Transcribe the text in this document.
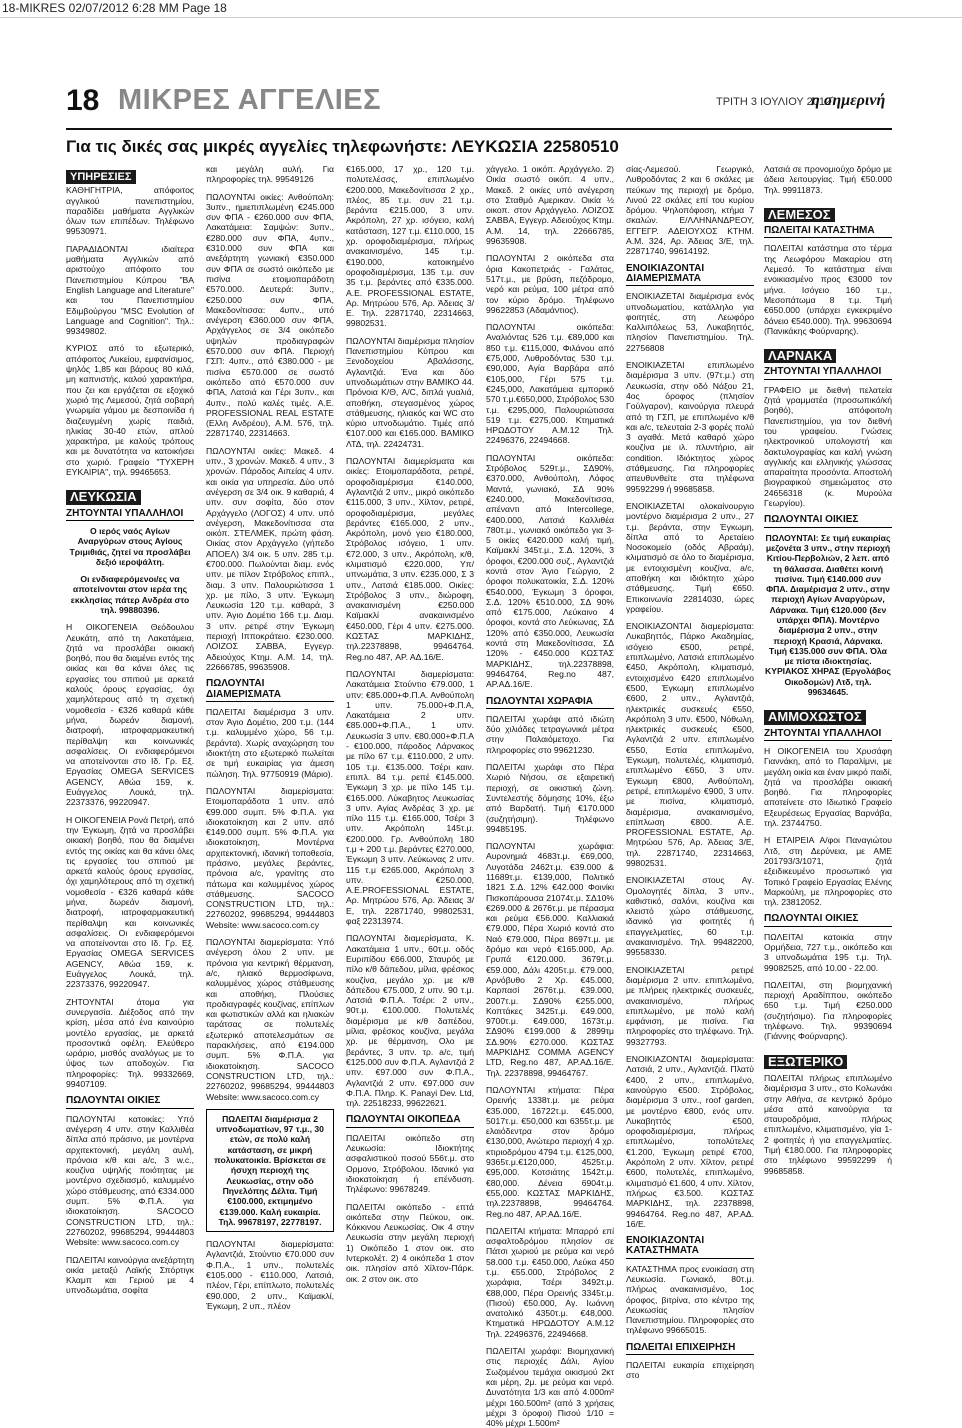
18-MIKRES 02/07/2012 6:28 MM Page 18
18 ΜΙΚΡΕΣ ΑΓΓΕΛΙΕΣ	ΤΡΙΤΗ 3 ΙΟΥΛΙΟΥ 2012
η σημερινή
Για τις δικές σας μικρές αγγελίες τηλεφωνήστε: ΛΕΥΚΩΣΙΑ 22580510
ΥΠΗΡΕΣΙΕΣ

ΚΑΘΗΓΗΤΡΙΑ, απόφοιτος αγγλικού πανεπιστημίου, παραδίδει μαθήματα Αγγλικών όλων των επιπέδων. Τηλέφωνο 99530971.

ΠΑΡΑΔΙΔΟΝΤΑΙ ιδιαίτερα μαθήματα Αγγλικών από αριστούχο απόφοιτο του Πανεπιστημίου Κύπρου "BA English Language and Literature" και του Πανεπιστημίου Εδιμβούργου "MSC Evolution of Language and Cognition". Τηλ.: 99349802.

ΚΥΡΙΟΣ από το εξωτερικό, απόφοιτος Λυκείου, εμφανίσιμος, ψηλός 1,85 και βάρους 80 κιλά, μη καπνιστής, καλού χαρακτήρα, που ζει και εργάζεται σε εξοχικό χωριό της Λεμεσού, ζητά σοβαρή γνωριμία γάμου με δεσποινίδα ή διαζευγμένη χωρίς παιδιά, ηλικίας 30-40 ετών, απλού χαρακτήρα, με καλούς τρόπους και με δυνατότητα να κατοικήσει στο χωριό. Γραφείο "ΤΥΧΕΡΗ ΕΥΚΑΙΡΙΑ", τηλ. 99465653.

ΛΕΥΚΩΣΙΑ
ΖΗΤΟΥΝΤΑΙ ΥΠΑΛΛΗΛΟΙ

Ο ιερός ναός Αγίων Αναργύρων στους Αγίους Τριμιθιάς, ζητεί να προσλάβει δεξιό ιεροψάλτη.

Οι ενδιαφερόμενοι/ες να αποτείνονται στον ιερέα της εκκλησίας πάτερ Ανδρέα στο τηλ. 99880396.

Η ΟΙΚΟΓΕΝΕΙΑ Θεόδουλου Λευκάτη, από τη Λακατάμεια, ζητά να προσλάβει οικιακή βοηθό, που θα διαμένει εντός της οικίας και θα κάνει όλες τις εργασίες του σπιτιού με αρκετά καλούς όρους εργασίας, όχι χαμηλότερους από τη σχετική νομοθεσία - €326 καθαρά κάθε μήνα, δωρεάν διαμονή, διατροφή, ιατροφαρμακευτική περίθαλψη και κοινωνικές ασφαλίσεις. Οι ενδιαφερόμενοι να αποτείνονται στο Ιδ. Γρ. Εξ. Εργασίας OMEGA SERVICES AGENCY, Αθώα 159, κ. Ευάγγελος Λουκά, τηλ. 22373376, 99220947.

Η ΟΙΚΟΓΕΝΕΙΑ Ρονά Πετρή, από την Έγκωμη, ζητά να προσλάβει οικιακή βοηθό, που θα διαμένει εντός της οικίας και θα κάνει όλες τις εργασίες του σπιτιού με αρκετά καλούς όρους εργασίας, όχι χαμηλότερους από τη σχετική νομοθεσία - €326 καθαρά κάθε μήνα, δωρεάν διαμονή, διατροφή, ιατροφαρμακευτική περίθαλψη και κοινωνικές ασφαλίσεις. Οι ενδιαφερόμενοι να αποτείνονται στο Ιδ. Γρ. Εξ. Εργασίας OMEGA SERVICES AGENCY, Αθώα 159, κ. Ευάγγελος Λουκά, τηλ. 22373376, 99220947.

ΖΗΤΟΥΝΤΑΙ άτομα για συνεργασία. Διέξοδος από την κρίση, μέσα από ένα καινούριο μοντέλο εργασίας, με αρκετά προσοντικά οφέλη. Ελεύθερο ωράριο, μισθός αναλόγως με το ύψος των αποδοχών. Για πληροφορίες: Τηλ. 99332669, 99407109.

ΠΩΛΟΥΝΤΑΙ ΟΙΚΙΕΣ

ΠΩΛΟΥΝΤΑΙ κατοικίες: Υπό ανέγερση 4 υπν. στην Καλλιθέα δίπλα από πράσινο, με μοντέρνα αρχιτεκτονική, μεγάλη αυλή, πρόνοια κ/θ και a/c, 3 w.c., κουζίνα υψηλής ποιότητας με μοντέρνο σχεδιασμό, καλυμμένο χώρο στάθμευσης, από €334.000 συμπ. 5% Φ.Π.Α. για ιδιοκατοίκηση. SACOCO CONSTRUCTION LTD, τηλ.: 22760202, 99685294, 99444803 Website: www.sacoco.com.cy

ΠΩΛΕΙΤΑΙ καινούργια ανεξάρτητη οικία μεταξύ Λαϊκής Σπόρτιγκ Κλαμπ και Γεριού με 4 υπνοδωμάτια, σοφίτα

και μεγάλη αυλή. Για πληροφορίες τηλ. 99549126

ΠΩΛΟΥΝΤΑΙ οικίες: Ανθούπολη: 3υπν., ημιεπιπλωμένη €245.000 συν ΦΠΑ - €260.000 συν ΦΠΑ, Λακατάμεια: Σαμψών: 3υπν., €280.000 συν ΦΠΑ, 4υπν., €310.000 συν ΦΠΑ και ανεξάρτητη γωνιακή €350.000 συν ΦΠΑ σε σωστό οικόπεδο με πισίνα ετοιμοπαράδοτη €570.000. Δευτερά: 3υπν., €250.000 συν ΦΠΑ, Μακεδονίτισσα: 4υπν., υπό ανέγερση €360.000 συν ΦΠΑ, Αρχάγγελος σε 3/4 οικόπεδο υψηλών προδιαγραφών €570.000 συν ΦΠΑ. Περιοχή ΓΣΠ: 4υπν., από €380.000 - με πισίνα €570.000 σε σωστό οικόπεδο από €570.000 συν ΦΠΑ, Λατσιά και Γέρι 3υπν., και 4υπν., πολύ καλές τιμές. Α.Ε. PROFESSIONAL REAL ESTATE (Ελλη Ανδρέου), Α.Μ. 576, τηλ. 22871740, 22314663.

ΠΩΛΟΥΝΤΑΙ οικίες: Μακεδ. 4 υπν., 3 χρονών. Μακεδ. 4 υπν., 3 χρονών. Πάροδος Αιπείας 4 υπν. και οικία για υπηρεσία. Δύο υπό ανέγερση σε 3/4 οικ. 9 καθαριά, 4 υπν. συν σοφίτα, δύο στον Αρχάγγελο (ΛΟΓΟΣ) 4 υπν. υπό ανέγερση, Μακεδονίτισσα στα οικόπ. ΣΤΕΛΜΕΚ, πρώτη φάση. Οικίας στον Αρχάγγελο (γήπεδο ΑΠΟΕΛ) 3/4 οικ. 5 υπν. 285 τ.μ. €700.000. Πωλούνται διαμ. ενός υπν. με πίλον Στρόβολος επιπλ., διαμ. 3 υπν. Παλουριώτισσα 1 χρ. με πίλο, 3 υπν. Έγκωμη Λευκωσία 120 τ.μ. καθαρά, 3 υπν. Άγιο Δομέτιο 166 τ.μ. Διαμ. 3 υπν. ρετιρέ στην Έγκωμη περιοχή Ιπποκράτειο. €230.000. ΛΟΙΖΟΣ ΣΑΒΒΑ, Εγγεγρ. Αδειούχος Κτημ. Α.Μ. 14, τηλ. 22666785, 99635908.

ΠΩΛΟΥΝΤΑΙ ΔΙΑΜΕΡΙΣΜΑΤΑ

ΠΩΛΕΙΤΑΙ διαμέρισμα 3 υπν. στον Άγιο Δομέτιο, 200 τ.μ. (144 τ.μ. καλυμμένο χώρο, 56 τ.μ. βεράντα). Χωρίς αναχώρηση του ιδιοκτήτη στο εξωτερικό πωλείται σε τιμή ευκαιρίας για άμεση πώληση. Τηλ. 97750919 (Μάριο).

ΠΩΛΟΥΝΤΑΙ διαμερίσματα: Ετοιμοπαράδοτα 1 υπν. από €99.000 συμπ. 5% Φ.Π.Α. για ιδιοκατοίκηση και 2 υπν. από €149.000 συμπ. 5% Φ.Π.Α. για ιδιοκατοίκηση, Μοντέρνα αρχιτεκτονική, ιδανική τοποθεσία, πράσινο, μεγάλες βεράντες, πρόνοια a/c, γρανίτης στο πάτωμα και καλυμμένος χώρος στάθμευσης. SACOCO CONSTRUCTION LTD, τηλ.: 22760202, 99685294, 99444803 Website: www.sacoco.com.cy

ΠΩΛΟΥΝΤΑΙ διαμερίσματα: Υπό ανέγερση όλου 2 υπν. με πρόνοια για κεντρική θέρμανση, a/c, ηλιακό θερμοσίφωνα, καλυμμένος χώρος στάθμευσης και αποθήκη, Πλούσιες προδιαγραφές κουζίνας, επίπλων και φωτιστικών αλλά και ηλιακών ταράτσας σε πολυτελές εξωτερικό αποτελεσμάτων σε παρακλήσεις, από €194.000 συμπ. 5% Φ.Π.Α. για ιδιοκατοίκηση. SACOCO CONSTRUCTION LTD, τηλ.: 22760202, 99685294, 99444803 Website: www.sacoco.com.cy

ΠΩΛΕΙΤΑΙ διαμέρισμα 2 υπνοδωματίων, 97 τ.μ., 30 ετών, σε πολύ καλή κατάσταση, σε μικρή πολυκατοικία. Βρίσκεται σε ήσυχη περιοχή της Λευκωσίας, στην οδό Πηνελόπης Δέλτα. Τιμή €100.000, εκτιμημένο €139.000. Καλή ευκαιρία. Τηλ. 99678197, 22778197.

ΠΩΛΟΥΝΤΑΙ διαμερίσματα: Αγλαντζιά, Στούντιο €70.000 συν Φ.Π.Α., 1 υπν., πολυτελές €105.000 - €110.000, Λατσιά, πλέον, Γέρι, επίπλωτο, πολυτελές €90.000, 2 υπν., Καϊμακλί, Έγκωμη, 2 υπ., πλέον

€165.000, 17 χρ., 120 τ.μ. πολυτελέσσς, επιπλωμένο €200.000, Μακεδονίτισσα 2 χρ., πλέος, 85 τ.μ. συν 21 τ.μ. βεράντα €215.000, 3 υπν. Ακρόπολη, 27 χρ. ισόγειο, καλή κατάσταση, 127 τ.μ. €110.000, 15 χρ. ορoφοδιαμέρισμα, πλήρως ανακαινισμένο, 145 τ.μ. €190.000, κατοικημένο ορoφοδιαμέρισμα, 135 τ.μ. συν 35 τ.μ. βεράντες από €335.000. Α.Ε. PROFESSIONAL ESTATE, Αρ. Μητρώου 576, Αρ. Άδειας 3/Ε. Τηλ. 22871740, 22314663, 99802531.

ΠΩΛΟΥΝΤΑΙ διαμέρισμα πλησίον Πανεπιστημίου Κύπρου και Ξενοδοχείου Αβαλάσσης, Αγλαντζιά. Ένα και δύο υπνοδωμάτιων στην ΒΑΜΙΚΟ 44. Πρόνοια Κ/Θ, A/C, διπλά γυαλιά, αποθήκη, στεγασμένος χώρος στάθμευσης, ηλιακός και WC στο κύριο υπνοδωμάτιο. Τιμές από €107.000 και €165.000. ΒΑΜΙΚΟ ΛΤΔ, τηλ. 22424731.

ΠΩΛΟΥΝΤΑΙ διαμερίσματα και οικίες: Ετοιμοπαράδοτα, ρετιρέ, ορoφοδιαμέρισμα €140.000, Αγλαντζιά 2 υπν., μικρό οικόπεδο €115.000, 3 υπν., Χίλτον, ρετιρέ, ορoφοδιαμέρισμα, μεγάλες βεράντες €165.000, 2 υπν., Ακρόπολη, μονό γειο €180.000, Στρόβολος ισόγειο, 1 υπν. €72.000, 3 υπν., Ακρόπολη, κ/θ, κλιματισμό €220.000, Υπ/υπνωμάτια, 3 υπν. €235.000, Σ 3 υπν., Λατσιά €185.000. Οικίες: Στρόβολος 3 υπν., διώροφη, ανακαινισμένη €250.000 Καϊμακλί ανακαινισμένο €450.000, Γέρι 4 υπν. €275.000. ΚΩΣΤΑΣ ΜΑΡΚΙΔΗΣ, τηλ.22378898, 99464764. Reg.no 487, ΑΡ. ΑΔ.16/Ε.

ΠΩΛΟΥΝΤΑΙ διαμερίσματα: Λακατάμεια Στούντιο €79.000, 1 υπν: €85.000+Φ.Π.Α. Ανθούπολη 1 υπν. 75.000+Φ.Π.Α, Λακατάμεια 2 υπν. €85.000+Φ.Π.Α., 1 υπν. Λευκωσία 3 υπν. €80.000+Φ.Π.Α - €100.000, πάροδος Λάρνακος με πίλο 67 τ.μ. €110.000, 2 υπν. 105 τ.μ. €135.000. Τσέρι καιν. επιπλ. 84 τ.μ. ρεπέ €145.000. Έγκωμη 3 χρ. με πίλο 145 τ.μ. €165.000. Λύκαβητος Λευκωσίας 3 υπν. Αγίας Ανδρέας 3 χρ. με πίλο 115 τ.μ. €165.000, Τσέρι 3 υπν. Ακρόπολη 145τ.μ. €200.000. Γρ. Ανθούπολη 180 τ.μ + 200 τ.μ. βεράντες €270.000, Έγκωμη 3 υπν. Λεύκωνας 2 υπν. 115 τ.μ €265.000, Ακρόπολη 3 υπν. €250.000, Α.Ε.PROFESSIONAL ESTATE, Αρ. Μητρώου 576, Αρ. Άδειας 3/Ε, τηλ. 22871740, 99802531, φαξ 22313974.

ΠΩΛΟΥΝΤΑΙ διαμερίσματα, Κ. Λακατάμεια 1 υπν., 60τ.μ. οδός Ευριπίδου €66.000, Σταυρός με πίλο κ/θ δάπεδου, μίλια, φρέσκος κουζίνα, μεγάλο χρ. με κ/θ δάπεδου €75.000, 2 υπν. 90 τ.μ. Λατσιά Φ.Π.Α. Τσέρι: 2 υπν., 90τ.μ. €100.000. Πολυτελές διαμέρισμα με κ/θ δαπέδου, μίλια, φρέσκος κουζίνα, μεγάλα χρ. με θέρμανση, Ολο με βεράντες, 3 υπν. τρ. a/c, τιμή €125.000 συν Φ.Π.Α. Αγλαντζιά 2 υπν. €97.000 συν Φ.Π.Α., Αγλαντζιά 2 υπν. €97.000 συν Φ.Π.Α. Πληρ. Κ. Panayi Dev. Ltd, τηλ. 22518233, 99622621.

ΠΩΛΟΥΝΤΑΙ ΟΙΚΟΠΕΔΑ

ΠΩΛΕΙΤΑΙ οικόπεδο στη Λευκωσία: Ιδιοκτήτης ασφαλιστικού ποσού 556τ.μ. στο Ορμονο, Στρόβολου. Ιδανικό για ιδιοκατοίκηση ή επένδυση. Τηλέφωνο: 99678249.

ΠΩΛΕΙΤΑΙ οικόπεδο - επτά οικόπεδα στην Πεύκου, οικ. Κόκκινου Λευκωσίας. Οικ 4 στην Λευκωσία στην μεγάλη περιοχή 1) Οικόπεδο 1 στον οικ. στο Ιντερκολέτ. 2) 4 οικόπεδα 1 στον οικ. πλησίον από Χίλτον-Πάρκ. οικ. 2 στον οικ. στο

χάγγελο. 1 οικόπ. Αρχάγγελο. 2) Οικία σωστό οικόπ. 4 υπν., Μακεδ. 2 οικίες υπό ανέγερση στο Σταθμό Αμερικαν. Οικία ½ οικοπ. στον Αρχάγγελο. ΛΟΙΖΟΣ ΣΑΒΒΑ, Εγγεγρ. Αδειούχος Κτημ. Α.Μ. 14, τηλ. 22666785, 99635908.

ΠΩΛΟΥΝΤΑΙ 2 οικόπεδα στα όρια Κακοπετριάς - Γαλάτας, 517τ.μ., με βρύση, πεζόδρομο, νερό και ρεύμα, 100 μέτρα από τον κύριο δρόμο. Τηλέφωνο 99622853 (Αδαμάντιος).

ΠΩΛΟΥΝΤΑΙ οικόπεδα: Αναλιόντας 526 τ.μ. €89,000 και 850 τ.μ. €115,000, Φιλάνου από €75,000, Λυθροδόντας 530 τ.μ. €90,000, Αγία Βαρβάρα από €105,000, Γέρι 575 τ.μ. €245,000, Λακατάμεια εμπορικό 570 τ.μ.€650,000, Στρόβολος 530 τ.μ. €295,000, Παλουριώτισσα 519 τ.μ. €275,000. Κτηματικά ΗΡΩΔΟΤΟΥ Α.Μ.12 Τηλ. 22496376, 22494668.

ΠΩΛΟΥΝΤΑΙ οικόπεδα: Στρόβολος 529τ.μ., ΣΔ90%, €370.000, Ανθούπολη, Λόφος Μαντά, γωνιακό, ΣΔ 90% €240.000, Μακεδονίτισσα, απέναντι από Intercollege, €400.000, Λατσιά Καλλιθέα 780τ.μ., γωνιακό οικόπεδο για 3-5 οικίες €420.000 καλή τιμή, Καϊμακλί 345τ.μ., Σ.Δ. 120%, 3 όροφοι, €200.000 συζ., Αγλαντζιά κοντά στον Άγιο Γεώργιο, 2 όροφοι πολυκατοικία, Σ.Δ. 120% €540.000, Έγκωμη 3 όροφοι, Σ.Δ. 120% €510.000, ΣΔ 90% από €175.000, Λεύκαινο 4 όροφοι, κοντά στο Λεύκωνας, ΣΔ 120% από €350.000, Λευκωσία κοντά στη Μακεδονίτισσα, ΣΔ 120% - €450.000 ΚΩΣΤΑΣ ΜΑΡΚΙΔΗΣ, τηλ.22378898, 99464764, Reg.no 487, ΑΡ.ΑΔ.16/Ε.

ΠΩΛΟΥΝΤΑΙ ΧΩΡΑΦΙΑ

ΠΩΛΕΙΤΑΙ χωράφι από ιδιώτη δύο χιλιάδες τετραγωνικά μέτρα στην Παλαιόμετοχο. Για πληροφορίες στο 99621230.

ΠΩΛΕΙΤΑΙ χωράφι στο Πέρα Χωριό Νήσου, σε εξαιρετική περιοχή, σε οικιστική ζώνη. Συντελεστής δόμησης 10%, έξω από Βαρδατή. Τιμή €170.000 (συζητήσιμη). Τηλέφωνο 99485195.

ΠΩΛΟΥΝΤΑΙ χωράφια: Αυρονημιά 4683τ.μ. €69,000, Λυγοτάδα 2462τ.μ. €39.000 & 11689τ.μ. €139,000, Πολιτικό 1821 Σ.Δ. 12% €42.000 Φοινίκι Πισκοπάρουσα 21074τ.μ. ΣΔ10% €269.000 & 2676τ.μ. με πέρασμα και ρεύμα €56.000. Καλλιακιά €79.000, Πέρα Χωριό κοντά στο Ναό €79.000, Πέρα 8697τ.μ. με δρόμο και νερό €165.000, Αρ. Γρυπά €120.000. 3679τ.μ.€59.000, Δάλι 4205τ.μ. €79.000, Αρνόβυθο 2 Χρ. €45.000, Καρπασί 2676τ.μ. €39.000, 2007τ.μ. ΣΔ90% €255.000, Κοπτάκες 3425τ.μ. €49.000, 9700τ.μ. €49.000, 1673τ.μ. ΣΔ90% €199.000 & 2899τμ ΣΔ.90% €270.000. ΚΩΣΤΑΣ ΜΑΡΚΙΔΗΣ COMMA AGENCY LTD, Reg.no 487, ΑΡ.ΑΔ.16/Ε. Τηλ. 22378898, 99464767.

ΠΩΛΟΥΝΤΑΙ κτήματα: Πέρα Ορεινής 1338τ.μ. με ρεύμα €35.000, 16722τ.μ. €45.000, 5017τ.μ. €50,000 και 6355τ.μ. με ελαιόδεντρα στον δρόμο €130,000, Ανώτερο περιοχή 4 χρ. κτιριοδρόμου 4794 τ.μ. €125,000, 9365τ.μ.€120,000, 4525τ.μ. €95,000. Κοτσιάτης 1542τ.μ. €80,000. Δένεια 6904τ.μ.€55,000. ΚΩΣΤΑΣ ΜΑΡΚΙΔΗΣ, τηλ.22378898, 99464764. Reg.no 487, ΑΡ.ΑΔ.16/Ε.

ΠΩΛΕΙΤΑΙ κτήματα: Μπαρρό επί ασφαλτοδρόμου πλησίον σε Πάτσι χωριού με ρεύμα και νερό 58.000 τ.μ. €450.000, Λεύκα 450 τ.μ. €55.000, Στρόβολος 2 χωράφια, Τσέρι 3492τ.μ. €88,000, Πέρα Ορεινής 3345τ.μ. (Πισού) €50.000, Αγ. Ιωάννη ανατολικό 4350τ.μ. €48,000. Κτηματικά ΗΡΩΔΟΤΟΥ Α.Μ.12 Τηλ. 22496376, 22494668.

ΠΩΛΕΙΤΑΙ χωράφι: Βιομηχανική στις περιοχές Δάλι, Αγίου Σωζομένου τεμάχια οικισμού 2κτ και μέρη, 2μ. με ρεύμα και νερό. Δυνατότητα 1/3 και από 4.000m² μέχρι 160.500m² (από 3 χρήσεις μέχρι 3 όροφοι) Πισού 1/10 = 40% μέχρι 1.500m²

σίας-Λεμεσού. Γεωργικό, Λυθροδόντας 2 και 6 σκάλες με πεύκων της περιοχή με δρόμο, Λινού 22 σκάλες επί του κυρίου δρόμου. Ψηλοπόφοση, κτήμα 7 σκαλών. Ε/ΛΛΗΝΑΝΔΡΕΟΥ, ΕΓΓΕΓΡ. ΑΔΕΙΟΥΧΟΣ ΚΤΗΜ. Α.Μ. 324, Αρ. Άδειας 3/Ε, τηλ. 22871740, 99614192.

ΕΝΟΙΚΙΑΖΟΝΤΑΙ ΔΙΑΜΕΡΙΣΜΑΤΑ

ΕΝΟΙΚΙΑΖΕΤΑΙ διαμέρισμα ενός υπνοδωματίου, κατάλληλο για φοιτητές, στη Λεωφόρο Καλλιπόλεως 53, Λυκαβηττός, πλησίον Πανεπιστημίου. Τηλ. 22756808

ΕΝΟΙΚΙΑΖΕΤΑΙ επιπλωμένο διαμέρισμα 3 υπν. (97τ.μ.) στη Λευκωσία, στην οδό Νάξου 21, 4ος όροφος (πλησίον Γούλγαρον), καινούργια πλευρά από τη ΓΣΠ, με επιπλωμένο κ/θ και a/c, τελευταία 2-3 φορές πολύ 3 αγαθά. Μετά καθαρό χώρο κουζίνα με ιλ. πλυντήριο, air condition. Ιδιόκτητος χώρος στάθμευσης. Για πληροφορίες απευθυνθείτε στα τηλέφωνα 99592299 ή 99685858.

ΕΝΟΙΚΙΑΖΕΤΑΙ ολοκαίνουργιο μοντέρνο διαμέρισμα 2 υπν., 27 τ.μ. βεράντα, στην Έγκωμη, δίπλα από το Αρεταίειο Νοσοκομείο (οδός Αβραάμ), κλιματισμό σε όλο το διαμέρισμα, με εντοιχισμένη κουζίνα, a/c, αποθήκη και ιδιόκτητο χώρο στάθμευσης. Τιμή €650. Επικοινωνία 22814030, ώρες γραφείου.

ΕΝΟΙΚΙΑΖΟΝΤΑΙ διαμερίσματα: Λυκαβηττός, Πάρκο Ακαδημίας, ισόγειο €500, ρετιρέ, επιπλωμένο, Λατσιά επιπλωμένο €450, Ακρόπολη, κλιματισμό, εντοιχισμένο €420 επιπλωμένο €500, Έγκωμη επιπλωμένο €600, 2 υπν., Αγλαντζιά, ηλεκτρικές συσκευές €550, Ακρόπολη 3 υπν. €500, Νόθωλη, ηλεκτρικές συσκευές €500, Αγλαντζιά 2 υπν. επιπλωμένο €550, Εστία επιπλωμένο, Έγκωμη, πολυτελές, κλιματισμό, επιπλωμένο €650, 3 υπν. Έγκωμη €800, Ανθούπολη, ρετιρέ, επιπλωμένο €900, 3 υπν. με πισίνα, κλιματισμό, διαμέρισμα, ανακαινισμένο, επίπλωση €800. Α.Ε. PROFESSIONAL ESTATE, Αρ. Μητρώου 576, Αρ. Άδειας 3/Ε, τηλ. 22871740, 22314663, 99802531.

ΕΝΟΙΚΙΑΖΕΤΑΙ στους Αγ. Ομολογητές δίπλα, 3 υπν., καθιστικό, σαλόνι, κουζίνα και κλειστό χώρο στάθμευσης, ιδανικό για φοιτητές ή επαγγελματίες, 60 τ.μ. ανακαινισμένο. Τηλ. 99482200, 99558330.

ΕΝΟΙΚΙΑΖΕΤΑΙ ρετιρέ διαμέρισμα 2 υπν. επιπλωμένο, με πλήρεις ηλεκτρικές συσκευές, ανακαινισμένο, πλήρως επιπλωμένο, με πολύ καλή εμφάνιση, με πισίνα. Για πληροφορίες στο τηλέφωνο. Τηλ. 99327793.

ΕΝΟΙΚΙΑΖΟΝΤΑΙ διαμερίσματα: Λατσιά, 2 υπν., Αγλαντζιά. Πλατύ €400, 2 υπν., επιπλωμένο, καινούργιο €500. Στρόβολος, διαμέρισμα 3 υπν., roof garden, με μοντέρνο €800, ενός υπν. Λυκαβηττός €500, ορoφοδιαμέρισμα, πλήρως επιπλωμένο, τοπολύτελες €1.200, Έγκωμη ρετιρέ €700, Ακρόπολη 2 υπν. Χίλτον, ρετιρέ €600, πολυτελές, επιπλωμένο, κλιματισμό €1.600, 4 υπν. Χίλτον, πλήρως €3.500. ΚΩΣΤΑΣ ΜΑΡΚΙΔΗΣ, τηλ. 22378898, 99464764. Reg.no 487, ΑΡ.ΑΔ. 16/Ε.

ΕΝΟΙΚΙΑΖΟΝΤΑΙ ΚΑΤΑΣΤΗΜΑΤΑ

ΚΑΤΑΣΤΗΜΑ προς ενοικίαση στη Λευκωσία. Γωνιακό, 80τ.μ. πλήρως ανακαινισμένο, 1ος όροφος, βιτρίνα, στο κέντρο της Λευκωσίας πλησίον Πανεπιστημίου. Πληροφορίες στο τηλέφωνο 99665015.

ΠΩΛΕΙΤΑΙ ΕΠΙΧΕΙΡΗΣΗ

ΠΩΛΕΙΤΑΙ ευκαιρία επιχείρηση στο

Λατσιά σε προνομιούχο δρόμο με άδεια λειτουργίας. Τιμή €50.000 Τηλ. 99911873.

ΛΕΜΕΣΟΣ
ΠΩΛΕΙΤΑΙ ΚΑΤΑΣΤΗΜΑ

ΠΩΛΕΙΤΑΙ κατάστημα στο τέρμα της Λεωφόρου Μακαρίου στη Λεμεσό. Το κατάστημα είναι ενοικιασμένο προς €3000 τον μήνα. Ισόγειο 160 τ.μ., Μεσοπάτωμα 8 τ.μ. Τιμή €650.000 (υπάρχει εγκεκριμένο δάνειο €540.000). Τηλ. 99630694 (Πανικάκης Φούρναρης).

ΛΑΡΝΑΚΑ
ΖΗΤΟΥΝΤΑΙ ΥΠΑΛΛΗΛΟΙ

ΓΡΑΦΕΙΟ με διεθνή πελατεία ζητά γραμματέα (προσωπικό/κή βοηθό), απόφοιτο/η Πανεπιστημίου, για τον διεθνή του γραφείου. Γνώσεις ηλεκτρονικού υπολογιστή και δακτυλογραφίας και καλή γνώση αγγλικής και ελληνικής γλώσσας απαραίτητα προσόντα. Αποστολή βιογραφικού σημειώματος στο 24656318 (κ. Μυρούλα Γεωργίου).

ΠΩΛΟΥΝΤΑΙ ΟΙΚΙΕΣ

ΠΩΛΟΥΝΤΑΙ: Σε τιμή ευκαιρίας μεζονέτα 3 υπν., στην περιοχή Κιτίου-Περβολιών, 2 λεπ. από τη θάλασσα. Διαθέτει κοινή πισίνα. Τιμή €140.000 συν ΦΠΑ. Διαμέρισμα 2 υπν., στην περιοχή Αγίων Αναργύρων, Λάρνακα. Τιμή €120.000 (δεν υπάρχει ΦΠΑ). Μοντέρνο διαμέρισμα 2 υπν., στην περιοχή Κρασιά, Λάρνακα. Τιμή €135.000 συν ΦΠΑ. Όλα με πίστα ιδιοκτησίας. ΚΥΡΙΑΚΟΣ ΧΗΡΑΣ (Εργολάβος Οικοδομών) Λτδ, τηλ. 99634645.

ΑΜΜΟΧΩΣΤΟΣ
ΖΗΤΟΥΝΤΑΙ ΥΠΑΛΛΗΛΟΙ

Η ΟΙΚΟΓΕΝΕΙΑ του Χρυσάφη Γιαννάκη, από το Παραλίμνι, με μεγάλη οικία και έναν μικρό παιδί, ζητά να προσλάβει οικιακή βοηθό. Για πληροφορίες αποτείνετε στο Ιδιωτικό Γραφείο Εξευρέσεως Εργασίας Βαρνάβα, τηλ. 23744750.

Η ΕΤΑΙΡΕΙΑ Α/φοι Παναγιώτου Λτδ, στη Δερύνεια, με ΑΜΕ 201793/3/1071, ζητά εξειδικευμένο προσωπικό για Τοπικό Γραφείο Εργασίας Ελένης Μαρκούλη, με πληροφορίες στο τηλ. 23812052.

ΠΩΛΟΥΝΤΑΙ ΟΙΚΙΕΣ

ΠΩΛΕΙΤΑΙ κατοικία στην Ορμήδεια, 727 τ.μ., οικόπεδο και 3 υπνοδωμάτια 195 τ.μ. Τηλ. 99082525, από 10.00 - 22.00.

ΠΩΛΕΙΤΑΙ, στη βιομηχανική περιοχή Αραδίππου, οικόπεδο 650 τ.μ. Τιμή €250.000 (συζητήσιμο). Για πληροφορίες τηλέφωνο. Τηλ. 99390694 (Γιάννης Φούρναρης).

ΕΞΩΤΕΡΙΚΟ

ΠΩΛΕΙΤΑΙ πλήρως επιπλωμένο διαμέρισμα 3 υπν., στο Κολωνάκι στην Αθήνα, σε κεντρικό δρόμο μέσα από καινούργια τα σταυροδρόμια, πλήρως επιπλωμένο, κλιματισμένο, γία 1-2 φοιτητές ή για επαγγελματίες. Τιμή €180.000. Για πληροφορίες στο τηλέφωνο 99592299 ή 99685858.
